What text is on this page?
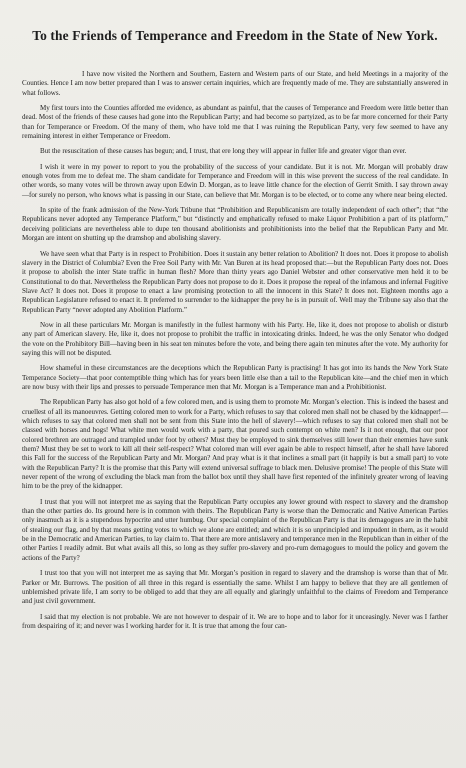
To the Friends of Temperance and Freedom in the State of New York.

I have now visited the Northern and Southern, Eastern and Western parts of our State, and held Meetings in a majority of the Counties. Hence I am now better prepared than I was to answer certain inquiries, which are frequently made of me. They are substantially answered in what follows.

My first tours into the Counties afforded me evidence, as abundant as painful, that the causes of Temperance and Freedom were little better than dead. Most of the friends of these causes had gone into the Republican Party; and had become so partyized, as to be far more concerned for their Party than for Temperance or Freedom. Of the many of them, who have told me that I was ruining the Republican Party, very few seemed to have any remaining interest in either Temperance or Freedom.

But the resuscitation of these causes has begun; and, I trust, that ere long they will appear in fuller life and greater vigor than ever.

I wish it were in my power to report to you the probability of the success of your candidate. But it is not. Mr. Morgan will probably draw enough votes from me to defeat me. The sham candidate for Temperance and Freedom will in this wise prevent the success of the real candidate. In other words, so many votes will be thrown away upon Edwin D. Morgan, as to leave little chance for the election of Gerrit Smith. I say thrown away—for surely no person, who knows what is passing in our State, can believe that Mr. Morgan is to be elected, or to come any where near being elected.

In spite of the frank admission of the New-York Tribune that “Prohibition and Republicanism are totally independent of each other”; that “the Republicans never adopted any Temperance Platform,” but “distinctly and emphatically refused to make Liquor Prohibition a part of its platform,” deceiving politicians are nevertheless able to dupe ten thousand abolitionists and prohibitionists into the belief that the Republican Party and Mr. Morgan are intent on shutting up the dramshop and abolishing slavery.

We have seen what that Party is in respect to Prohibition. Does it sustain any better relation to Abolition? It does not. Does it propose to abolish slavery in the District of Columbia? Even the Free Soil Party with Mr. Van Buren at its head proposed that:—but the Republican Party does not. Does it propose to abolish the inter State traffic in human flesh? More than thirty years ago Daniel Webster and other conservative men held it to be Constitutional to do that. Nevertheless the Republican Party does not propose to do it. Does it propose the repeal of the infamous and infernal Fugitive Slave Act? It does not. Does it propose to enact a law promising protection to all the innocent in this State? It does not. Eighteen months ago a Republican Legislature refused to enact it. It preferred to surrender to the kidnapper the prey he is in pursuit of. Well may the Tribune say also that the Republican Party “never adopted any Abolition Platform.”

Now in all these particulars Mr. Morgan is manifestly in the fullest harmony with his Party. He, like it, does not propose to abolish or disturb any part of American slavery. He, like it, does not propose to prohibit the traffic in intoxicating drinks. Indeed, he was the only Senator who dodged the vote on the Prohibitory Bill—having been in his seat ten minutes before the vote, and being there again ten minutes after the vote. My authority for saying this will not be disputed.

How shameful in these circumstances are the deceptions which the Republican Party is practising! It has got into its hands the New York State Temperance Society—that poor contemptible thing which has for years been little else than a tail to the Republican kite—and the chief men in which are now busy with their lips and presses to persuade Temperance men that Mr. Morgan is a Temperance man and a Prohibitionist.

The Republican Party has also got hold of a few colored men, and is using them to promote Mr. Morgan’s election. This is indeed the basest and cruellest of all its manoeuvres. Getting colored men to work for a Party, which refuses to say that colored men shall not be chased by the kidnapper!—which refuses to say that colored men shall not be sent from this State into the hell of slavery!—which refuses to say that colored men shall not be classed with horses and hogs! What white men would work with a party, that poured such contempt on white men? Is it not enough, that our poor colored brethren are outraged and trampled under foot by others? Must they be employed to sink themselves still lower than their enemies have sunk them? Must they be set to work to kill all their self-respect? What colored man will ever again be able to respect himself, after he shall have labored this Fall for the success of the Republican Party and Mr. Morgan? And pray what is it that inclines a small part (it happily is but a small part) to vote with the Republican Party? It is the promise that this Party will extend universal suffrage to black men. Delusive promise! The people of this State will never repent of the wrong of excluding the black man from the ballot box until they shall have first repented of the infinitely greater wrong of leaving him to be the prey of the kidnapper.

I trust that you will not interpret me as saying that the Republican Party occupies any lower ground with respect to slavery and the dramshop than the other parties do. Its ground here is in common with theirs. The Republican Party is worse than the Democratic and Native American Parties only inasmuch as it is a stupendous hypocrite and utter humbug. Our special complaint of the Republican Party is that its demagogues are in the habit of stealing our flag, and by that means getting votes to which we alone are entitled; and which it is so unprincipled and impudent in them, as it would be in the Democratic and American Parties, to lay claim to. That there are more antislavery and temperance men in the Republican than in either of the other Parties I readily admit. But what avails all this, so long as they suffer pro-slavery and pro-rum demagogues to mould the policy and govern the actions of the Party?

I trust too that you will not interpret me as saying that Mr. Morgan’s position in regard to slavery and the dramshop is worse than that of Mr. Parker or Mr. Burrows. The position of all three in this regard is essentially the same. Whilst I am happy to believe that they are all gentlemen of unblemished private life, I am sorry to be obliged to add that they are all equally and glaringly unfaithful to the claims of Freedom and Temperance and just civil government.

I said that my election is not probable. We are not however to despair of it. We are to hope and to labor for it unceasingly. Never was I farther from despairing of it; and never was I working harder for it. It is true that among the four can-
